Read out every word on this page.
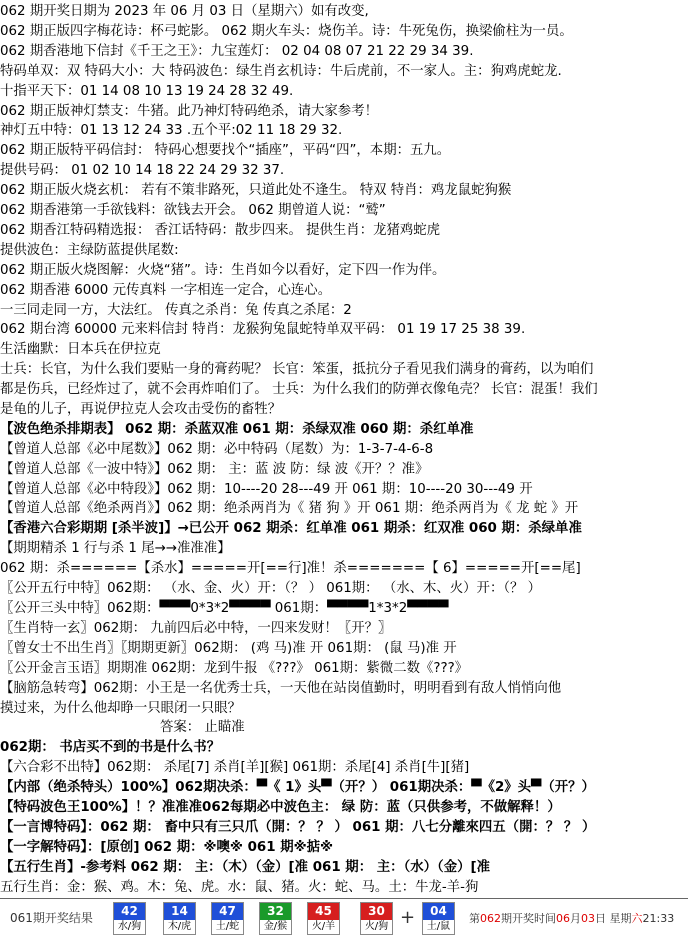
062 期开奖日期为 2023 年 06 月 03 日（星期六）如有改变,
062 期正版四字梅花诗：杯弓蛇影。 062 期火车头：烧伤羊。诗：牛死兔伤，换梁偷柱为一员。
062 期香港地下信封《千王之王》：九宝莲灯： 02 04 08 07 21 22 29 34 39.
特码单双：双 特码大小：大 特码波色：绿生肖玄机诗：牛后虎前，不一家人。主：狗鸡虎蛇龙.
十指平天下：01 14 08 10 13 19 24 28 32 49.
062 期正版神灯禁支：牛猪。此乃神灯特码绝杀，请大家参考！
神灯五中特：01 13 12 24 33 .五个平:02 11 18 29 32.
062 期正版特平码信封： 特码心想要找个“插座”，平码“四”，本期：五九。
提供号码： 01 02 10 14 18 22 24 29 32 37.
062 期正版火烧玄机： 若有不策非路死，只道此处不逢生。 特双 特肖：鸡龙鼠蛇狗猴
062 期香港第一手欲钱料：欲钱去开会。 062 期曾道人说：“鹫”
062 期香江特码精选报： 香江话特码：散步四来。 提供生肖：龙猪鸡蛇虎
提供波色：主绿防蓝提供尾数:
062 期正版火烧图解：火烧“猪”。诗：生肖如今以看好，定下四一作为伴。
062 期香港 6000 元传真料 一字相连一定合，心连心。
一三同走同一方，大法红。 传真之杀肖：兔 传真之杀尾：2
062 期台湾 60000 元来料信封 特肖：龙猴狗兔鼠蛇特单双平码： 01 19 17 25 38 39.
生活幽默：日本兵在伊拉克
士兵：长官，为什么我们要贴一身的膏药呢？ 长官：笨蛋，抵抗分子看见我们满身的膏药，以为咱们
都是伤兵，已经炸过了，就不会再炸咱们了。 士兵：为什么我们的防弹衣像龟壳？ 长官：混蛋！我们
是龟的儿子，再说伊拉克人会攻击受伤的畜牲？
【波色绝杀排期表】 062 期：杀蓝双准 061 期：杀绿双准 060 期：杀红单准
【曾道人总部《必中尾数》】062 期：必中特码（尾数）为：1-3-7-4-6-8
【曾道人总部《一波中特》】062 期： 主：蓝 波 防：绿 波《开？？准》
【曾道人总部《必中特段》】062 期：10----20 28---49 开 061 期：10----20 30---49 开
【曾道人总部《绝杀两肖》】062 期：绝杀两肖为《 猪 狗 》开 061 期：绝杀两肖为《 龙 蛇 》开
【香港六合彩期期 [杀半波]】→已公开 062 期杀：红单准 061 期杀：红双准 060 期：杀绿单准
【期期精杀 1 行与杀 1 尾→→准准准】
062 期：杀======【杀水】=====开[==行]准！杀=======【 6】=====开[==尾]
〖公开五行中特〗062期： （水、金、火）开：（？ ） 061期： （水、木、火）开：（？ ）
〖公开三头中特〗062期：▀▀▀0*3*2▀▀▀▀ 061期：▀▀▀▀1*3*2▀▀▀▀
〖生肖特一玄〗062期： 九前四后必中特，一四来发财！〖开？〗
〖曾女士不出生肖〗〖期期更新〗062期： (鸡 马)准 开 061期： (鼠 马)准 开
〖公开金言玉语〗期期准 062期：龙到牛报 《???》 061期：紫微二数《???》
【脑筋急转弯】062期：小王是一名优秀士兵，一天他在站岗值勤时，明明看到有敌人悄悄向他
摸过来，为什么他却睁一只眼闭一只眼？
答案： 止瞄准
062期： 书店买不到的书是什么书？
【六合彩不出特】062期： 杀尾[7] 杀肖[羊][猴] 061期：杀尾[4] 杀肖[牛][猪]
【内部（绝杀特头）100%】062期决杀：▀《 1》头▀（开？） 061期决杀：▀《2》头▀（开？）
【特码波色王100%】！？准准准062每期必中波色主： 绿 防：蓝（只供参考，不做解释！）
【一言博特码】：062 期： 畜中只有三只爪（開：？ ？ ） 061 期：八七分離來四五（開：？ ？ ）
【一字解特码】：[原创] 062 期：※噢※ 061 期※掂※
【五行生肖】-参考料 062 期： 主：（木）（金）[准 061 期： 主：（水）（金）[准
五行生肖：金：猴、鸡。木：兔、虎。水：鼠、猪。火：蛇、马。土：牛龙-羊-狗
061期开奖结果	42
水/狗
14
木/虎
47
土/蛇
32
金/猴
45
火/羊
30
火/狗
04
土/鼠
+	第062期开奖时间06月03日 星期六21:33
